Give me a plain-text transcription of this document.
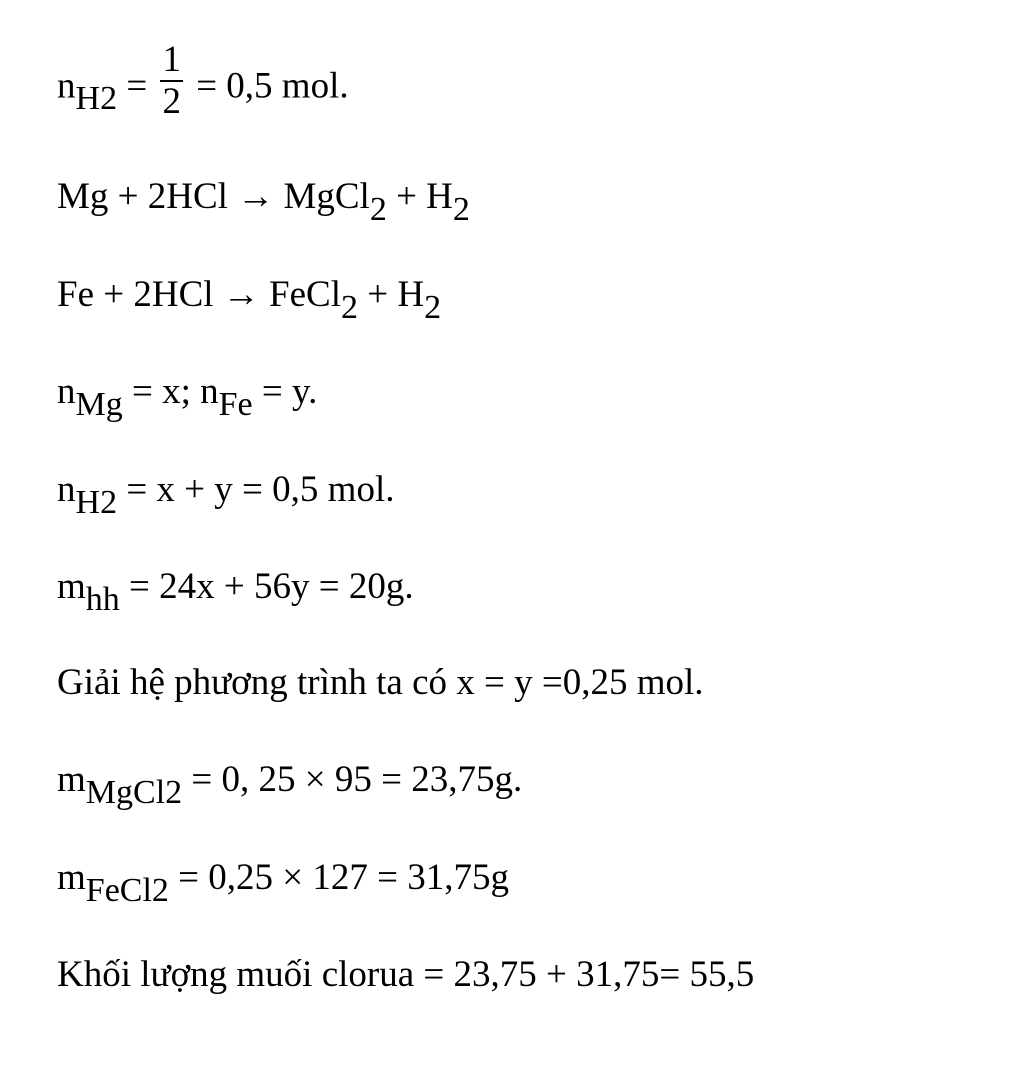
$nH2 = \frac{1}{2} = 0,5$ mol.
Mg + 2HCl → MgCl2 + H2
Fe + 2HCl → FeCl2 + H2
nMg = x; nFe = y.
nH2 = x + y = 0,5 mol.
mhh = 24x + 56y = 20g.
Giải hệ phương trình ta có x = y =0,25 mol.
mMgCl2 = 0, 25 × 95 = 23,75g.
mFeCl2 = 0,25 × 127 = 31,75g
Khối lượng muối clorua = 23,75 + 31,75= 55,5
